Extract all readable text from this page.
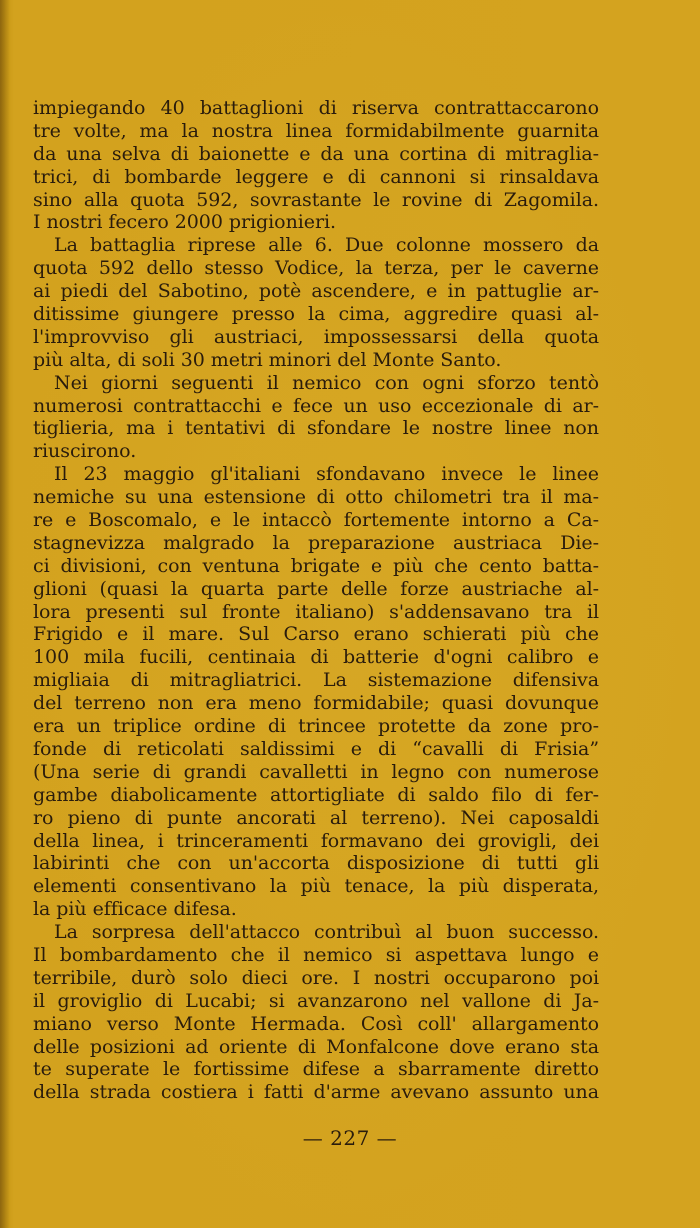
impiegando 40 battaglioni di riserva contrattaccarono
tre volte, ma la nostra linea formidabilmente guarnita
da una selva di baionette e da una cortina di mitraglia-
trici, di bombarde leggere e di cannoni si rinsaldava
sino alla quota 592, sovrastante le rovine di Zagomila.
I nostri fecero 2000 prigionieri.
La battaglia riprese alle 6. Due colonne mossero da
quota 592 dello stesso Vodice, la terza, per le caverne
ai piedi del Sabotino, potè ascendere, e in pattuglie ar-
ditissime giungere presso la cima, aggredire quasi al-
l'improvviso gli austriaci, impossessarsi della quota
più alta, di soli 30 metri minori del Monte Santo.
Nei giorni seguenti il nemico con ogni sforzo tentò
numerosi contrattacchi e fece un uso eccezionale di ar-
tiglieria, ma i tentativi di sfondare le nostre linee non
riuscirono.
Il 23 maggio gl'italiani sfondavano invece le linee
nemiche su una estensione di otto chilometri tra il ma-
re e Boscomalo, e le intaccò fortemente intorno a Ca-
stagnevizza malgrado la preparazione austriaca Die-
ci divisioni, con ventuna brigate e più che cento batta-
glioni (quasi la quarta parte delle forze austriache al-
lora presenti sul fronte italiano) s'addensavano tra il
Frigido e il mare. Sul Carso erano schierati più che
100 mila fucili, centinaia di batterie d'ogni calibro e
migliaia di mitragliatrici. La sistemazione difensiva
del terreno non era meno formidabile; quasi dovunque
era un triplice ordine di trincee protette da zone pro-
fonde di reticolati saldissimi e di “cavalli di Frisia”
(Una serie di grandi cavalletti in legno con numerose
gambe diabolicamente attortigliate di saldo filo di fer-
ro pieno di punte ancorati al terreno). Nei caposaldi
della linea, i trinceramenti formavano dei grovigli, dei
labirinti che con un'accorta disposizione di tutti gli
elementi consentivano la più tenace, la più disperata,
la più efficace difesa.
La sorpresa dell'attacco contribuì al buon successo.
Il bombardamento che il nemico si aspettava lungo e
terribile, durò solo dieci ore. I nostri occuparono poi
il groviglio di Lucabi; si avanzarono nel vallone di Ja-
miano verso Monte Hermada. Così coll' allargamento
delle posizioni ad oriente di Monfalcone dove erano sta
te superate le fortissime difese a sbarramente diretto
della strada costiera i fatti d'arme avevano assunto una
— 227 —
